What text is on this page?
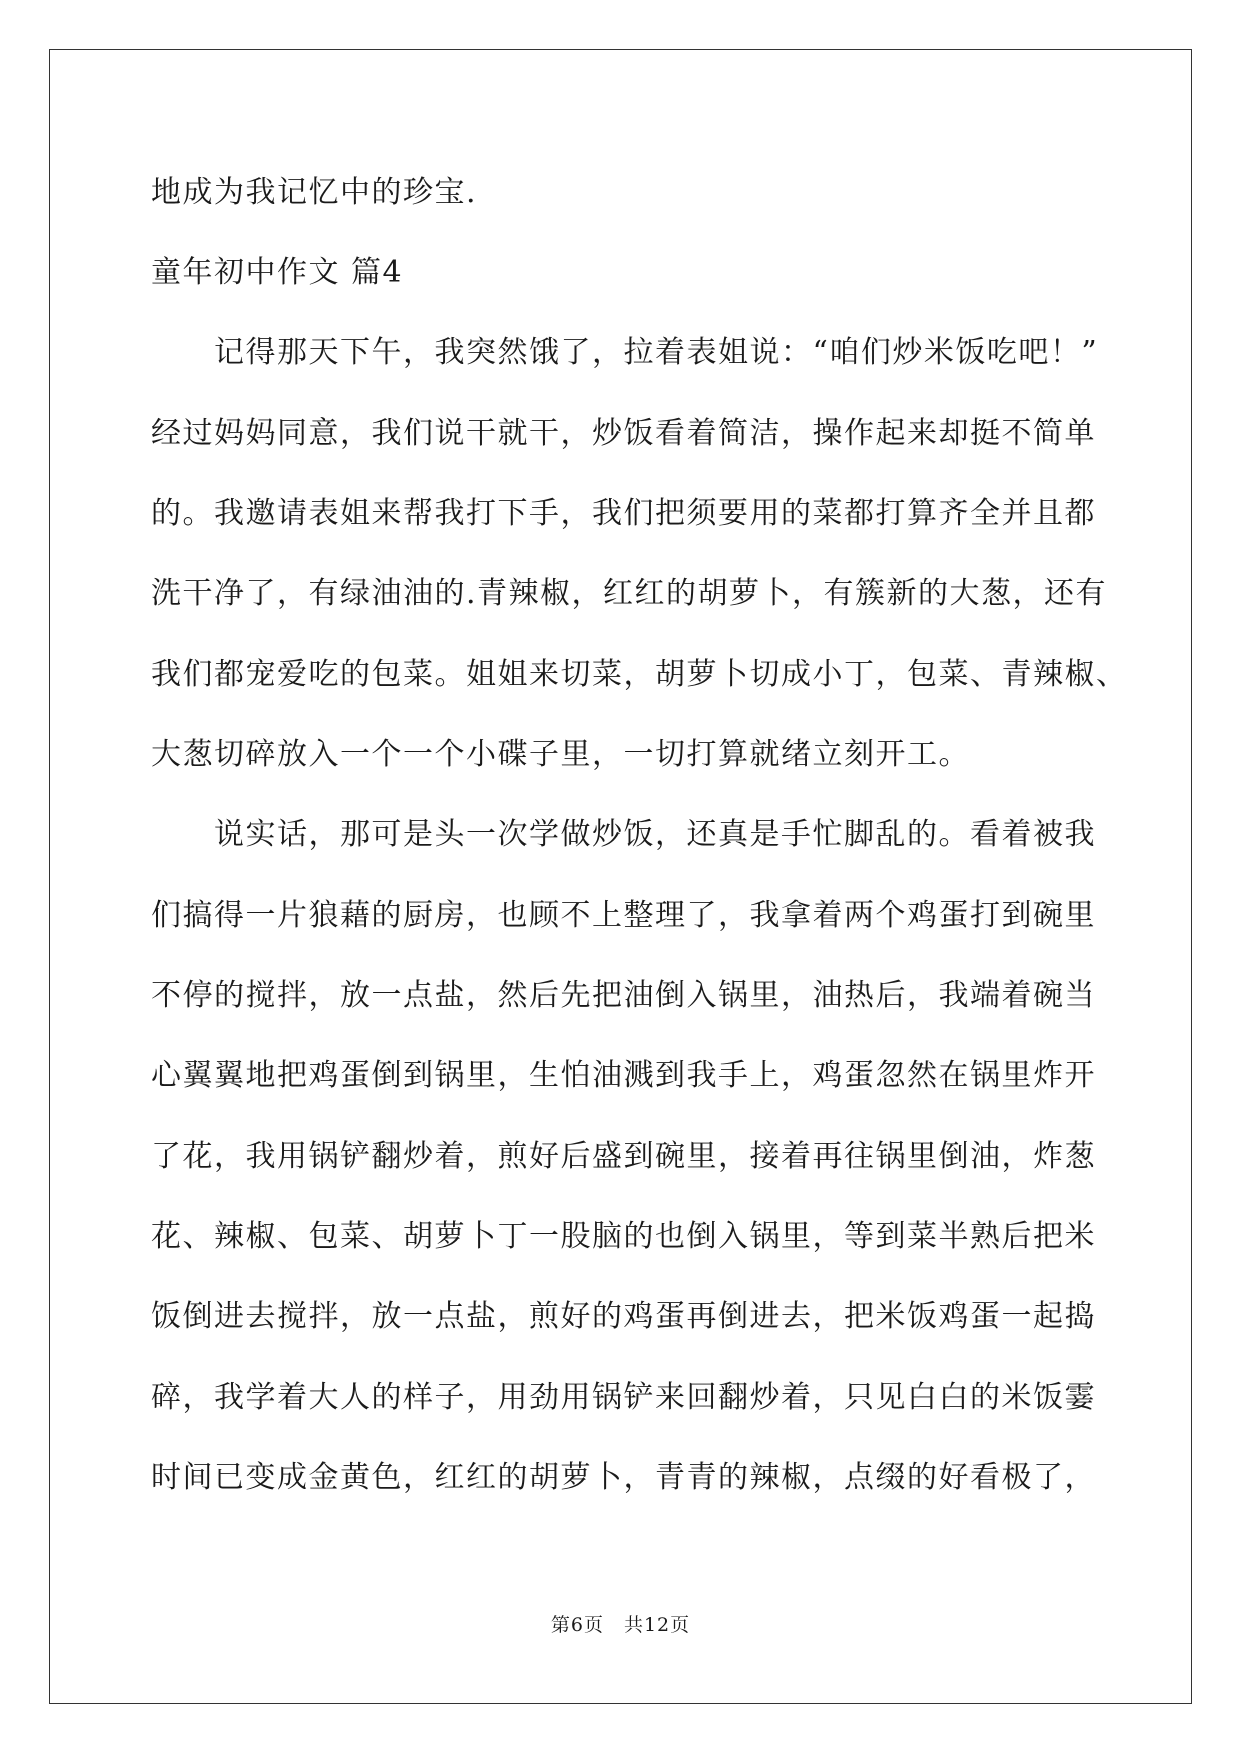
地成为我记忆中的珍宝.
童年初中作文 篇4
　　记得那天下午，我突然饿了，拉着表姐说：“咱们炒米饭吃吧！”
经过妈妈同意，我们说干就干，炒饭看着简洁，操作起来却挺不简单
的。我邀请表姐来帮我打下手，我们把须要用的菜都打算齐全并且都
洗干净了，有绿油油的.青辣椒，红红的胡萝卜，有簇新的大葱，还有
我们都宠爱吃的包菜。姐姐来切菜，胡萝卜切成小丁，包菜、青辣椒、
大葱切碎放入一个一个小碟子里，一切打算就绪立刻开工。
　　说实话，那可是头一次学做炒饭，还真是手忙脚乱的。看着被我
们搞得一片狼藉的厨房，也顾不上整理了，我拿着两个鸡蛋打到碗里
不停的搅拌，放一点盐，然后先把油倒入锅里，油热后，我端着碗当
心翼翼地把鸡蛋倒到锅里，生怕油溅到我手上，鸡蛋忽然在锅里炸开
了花，我用锅铲翻炒着，煎好后盛到碗里，接着再往锅里倒油，炸葱
花、辣椒、包菜、胡萝卜丁一股脑的也倒入锅里，等到菜半熟后把米
饭倒进去搅拌，放一点盐，煎好的鸡蛋再倒进去，把米饭鸡蛋一起捣
碎，我学着大人的样子，用劲用锅铲来回翻炒着，只见白白的米饭霎
时间已变成金黄色，红红的胡萝卜，青青的辣椒，点缀的好看极了，
第6页　共12页
